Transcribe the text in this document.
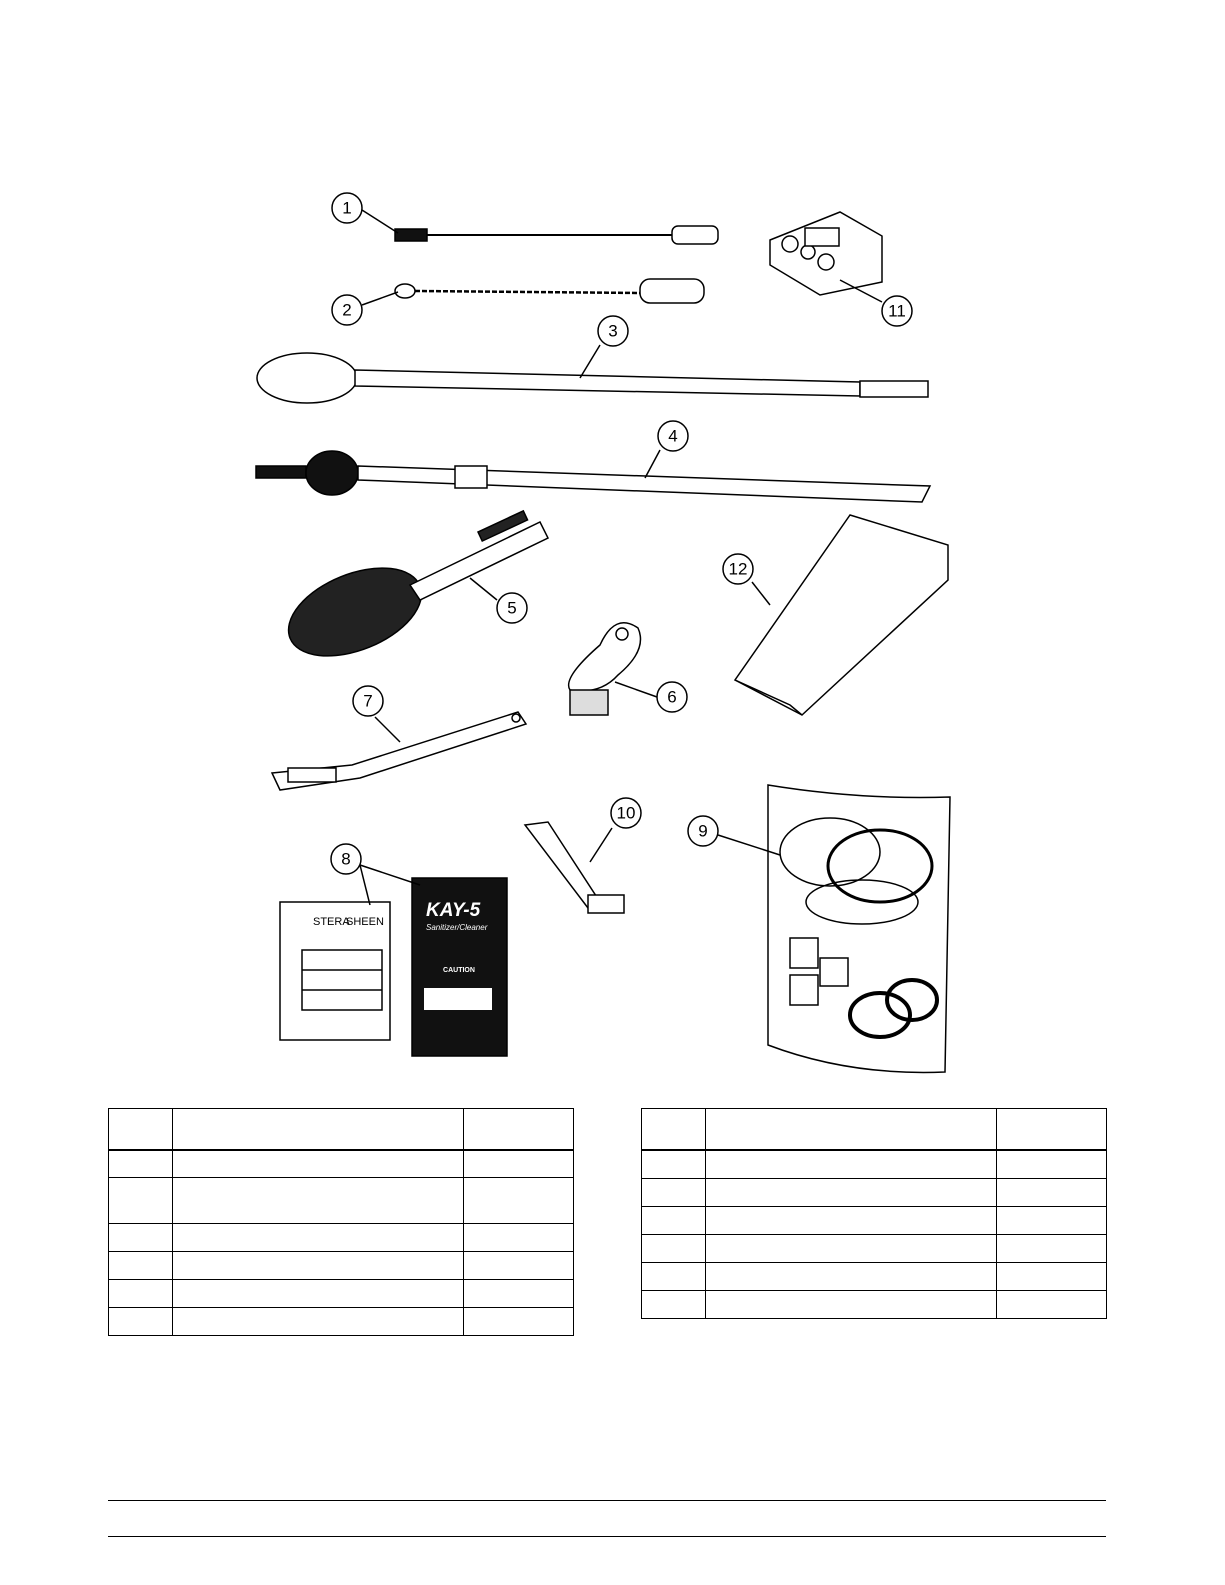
1
2
3
4
5
6
7
8
9
10
11
12
STERA
SHEEN
KAY-5
Sanitizer/Cleaner
CAUTION
